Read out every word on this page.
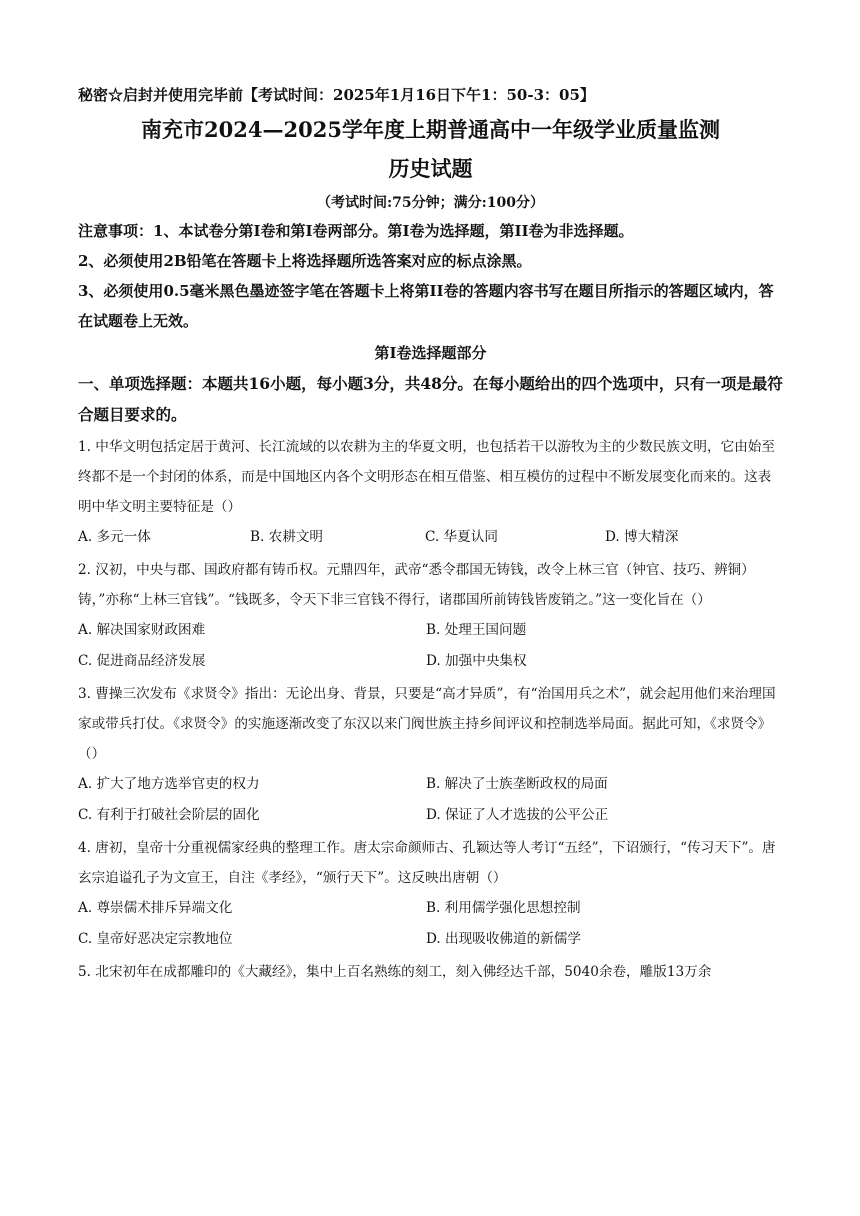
秘密☆启封并使用完毕前【考试时间：2025年1月16日下午1：50-3：05】
南充市2024—2025学年度上期普通高中一年级学业质量监测
历史试题
（考试时间:75分钟；满分:100分）
注意事项：1、本试卷分第Ⅰ卷和第Ⅰ卷两部分。第Ⅰ卷为选择题，第II卷为非选择题。
2、必须使用2B铅笔在答题卡上将选择题所选答案对应的标点涂黑。
3、必须使用0.5毫米黑色墨迹签字笔在答题卡上将第II卷的答题内容书写在题目所指示的答题区域内，答在试题卷上无效。
第Ⅰ卷选择题部分
一、单项选择题：本题共16小题，每小题3分，共48分。在每小题给出的四个选项中，只有一项是最符合题目要求的。
1. 中华文明包括定居于黄河、长江流域的以农耕为主的华夏文明，也包括若干以游牧为主的少数民族文明，它由始至终都不是一个封闭的体系，而是中国地区内各个文明形态在相互借鉴、相互模仿的过程中不断发展变化而来的。这表明中华文明主要特征是（）
A. 多元一体	B. 农耕文明	C. 华夏认同	D. 博大精深
2. 汉初，中央与郡、国政府都有铸币权。元鼎四年，武帝“悉令郡国无铸钱，改令上林三官（钟官、技巧、辨铜）铸，”亦称“上林三官钱”。“钱既多，令天下非三官钱不得行，诸郡国所前铸钱皆废销之。”这一变化旨在（）
A. 解决国家财政困难	B. 处理王国问题
C. 促进商品经济发展	D. 加强中央集权
3. 曹操三次发布《求贤令》指出：无论出身、背景，只要是“高才异质”，有“治国用兵之术”，就会起用他们来治理国家或带兵打仗。《求贤令》的实施逐渐改变了东汉以来门阀世族主持乡间评议和控制选举局面。据此可知，《求贤令》（）
A. 扩大了地方选举官吏的权力	B. 解决了士族垄断政权的局面
C. 有利于打破社会阶层的固化	D. 保证了人才选拔的公平公正
4. 唐初，皇帝十分重视儒家经典的整理工作。唐太宗命颜师古、孔颖达等人考订“五经”，下诏颁行，“传习天下”。唐玄宗追谥孔子为文宣王，自注《孝经》，“颁行天下”。这反映出唐朝（）
A. 尊崇儒术排斥异端文化	B. 利用儒学强化思想控制
C. 皇帝好恶决定宗教地位	D. 出现吸收佛道的新儒学
5. 北宋初年在成都雕印的《大藏经》，集中上百名熟练的刻工，刻入佛经达千部，5040余卷，雕版13万余
